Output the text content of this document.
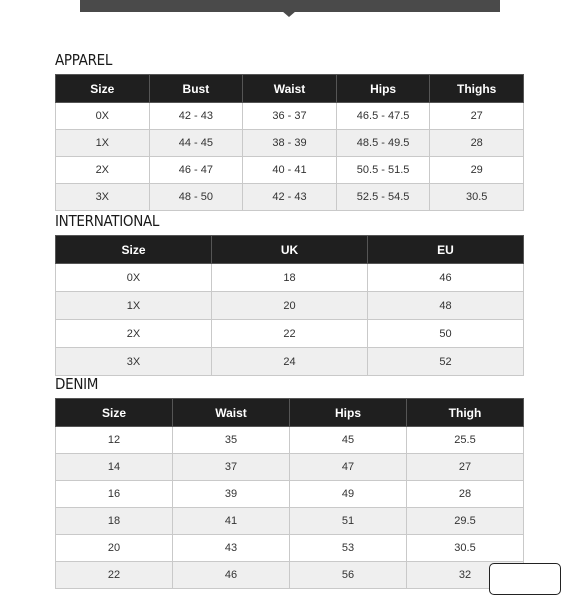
APPAREL
Size	Bust	Waist	Hips	Thighs
0X	42 - 43	36 - 37	46.5 - 47.5	27
1X	44 - 45	38 - 39	48.5 - 49.5	28
2X	46 - 47	40 - 41	50.5 - 51.5	29
3X	48 - 50	42 - 43	52.5 - 54.5	30.5
INTERNATIONAL
Size	UK	EU
0X	18	46
1X	20	48
2X	22	50
3X	24	52
DENIM
Size	Waist	Hips	Thigh
12	35	45	25.5
14	37	47	27
16	39	49	28
18	41	51	29.5
20	43	53	30.5
22	46	56	32
